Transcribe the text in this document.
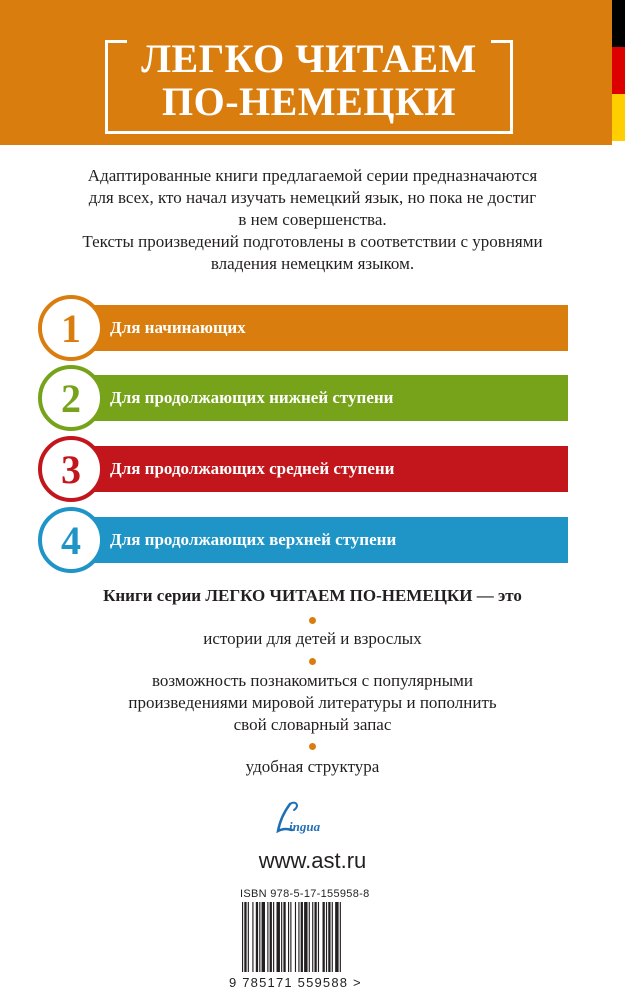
ЛЕГКО ЧИТАЕМ
ПО-НЕМЕЦКИ
Адаптированные книги предлагаемой серии предназначаются
для всех, кто начал изучать немецкий язык, но пока не достиг
в нем совершенства.
Тексты произведений подготовлены в соответствии с уровнями
владения немецким языком.
1	Для начинающих
2	Для продолжающих нижней ступени
3	Для продолжающих средней ступени
4	Для продолжающих верхней ступени
Книги серии ЛЕГКО ЧИТАЕМ ПО-НЕМЕЦКИ — это
истории для детей и взрослых
возможность познакомиться с популярными
произведениями мировой литературы и пополнить
свой словарный запас
удобная структура
ingua
www.ast.ru
ISBN 978-5-17-155958-8
9 785171 559588 >
